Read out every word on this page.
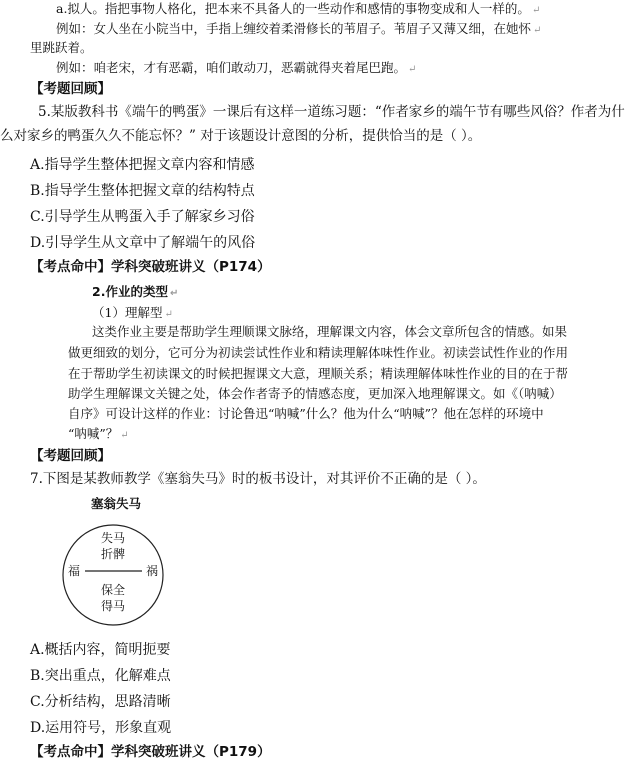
a.拟人。指把事物人格化，把本来不具备人的一些动作和感情的事物变成和人一样的。 ↵
例如：女人坐在小院当中，手指上缠绞着柔滑修长的苇眉子。苇眉子又薄又细，在她怀 ↵
里跳跃着。
例如：咱老宋，才有恶霸，咱们敢动刀，恶霸就得夹着尾巴跑。 ↵
【考题回顾】
5.某版教科书《端午的鸭蛋》一课后有这样一道练习题：“作者家乡的端午节有哪些风俗？作者为什
么对家乡的鸭蛋久久不能忘怀？” 对于该题设计意图的分析，提供恰当的是（ ）。
A.指导学生整体把握文章内容和情感
B.指导学生整体把握文章的结构特点
C.引导学生从鸭蛋入手了解家乡习俗
D.引导学生从文章中了解端午的风俗
【考点命中】学科突破班讲义（P174）
2.作业的类型 ↵
（1）理解型 ↵
这类作业主要是帮助学生理顺课文脉络，理解课文内容，体会文章所包含的情感。如果
做更细致的划分，它可分为初读尝试性作业和精读理解体味性作业。初读尝试性作业的作用
在于帮助学生初读课文的时候把握课文大意，理顺关系；精读理解体味性作业的目的在于帮
助学生理解课文关键之处，体会作者寄予的情感态度，更加深入地理解课文。如《（呐喊）
自序》可设计这样的作业：讨论鲁迅“呐喊”什么？他为什么“呐喊”？他在怎样的环境中
“呐喊”？ ↵
【考题回顾】
7.下图是某教师教学《塞翁失马》时的板书设计，对其评价不正确的是（ ）。
塞翁失马
失马
折髀
福	祸
保全
得马
A.概括内容，简明扼要
B.突出重点，化解难点
C.分析结构，思路清晰
D.运用符号，形象直观
【考点命中】学科突破班讲义（P179）
